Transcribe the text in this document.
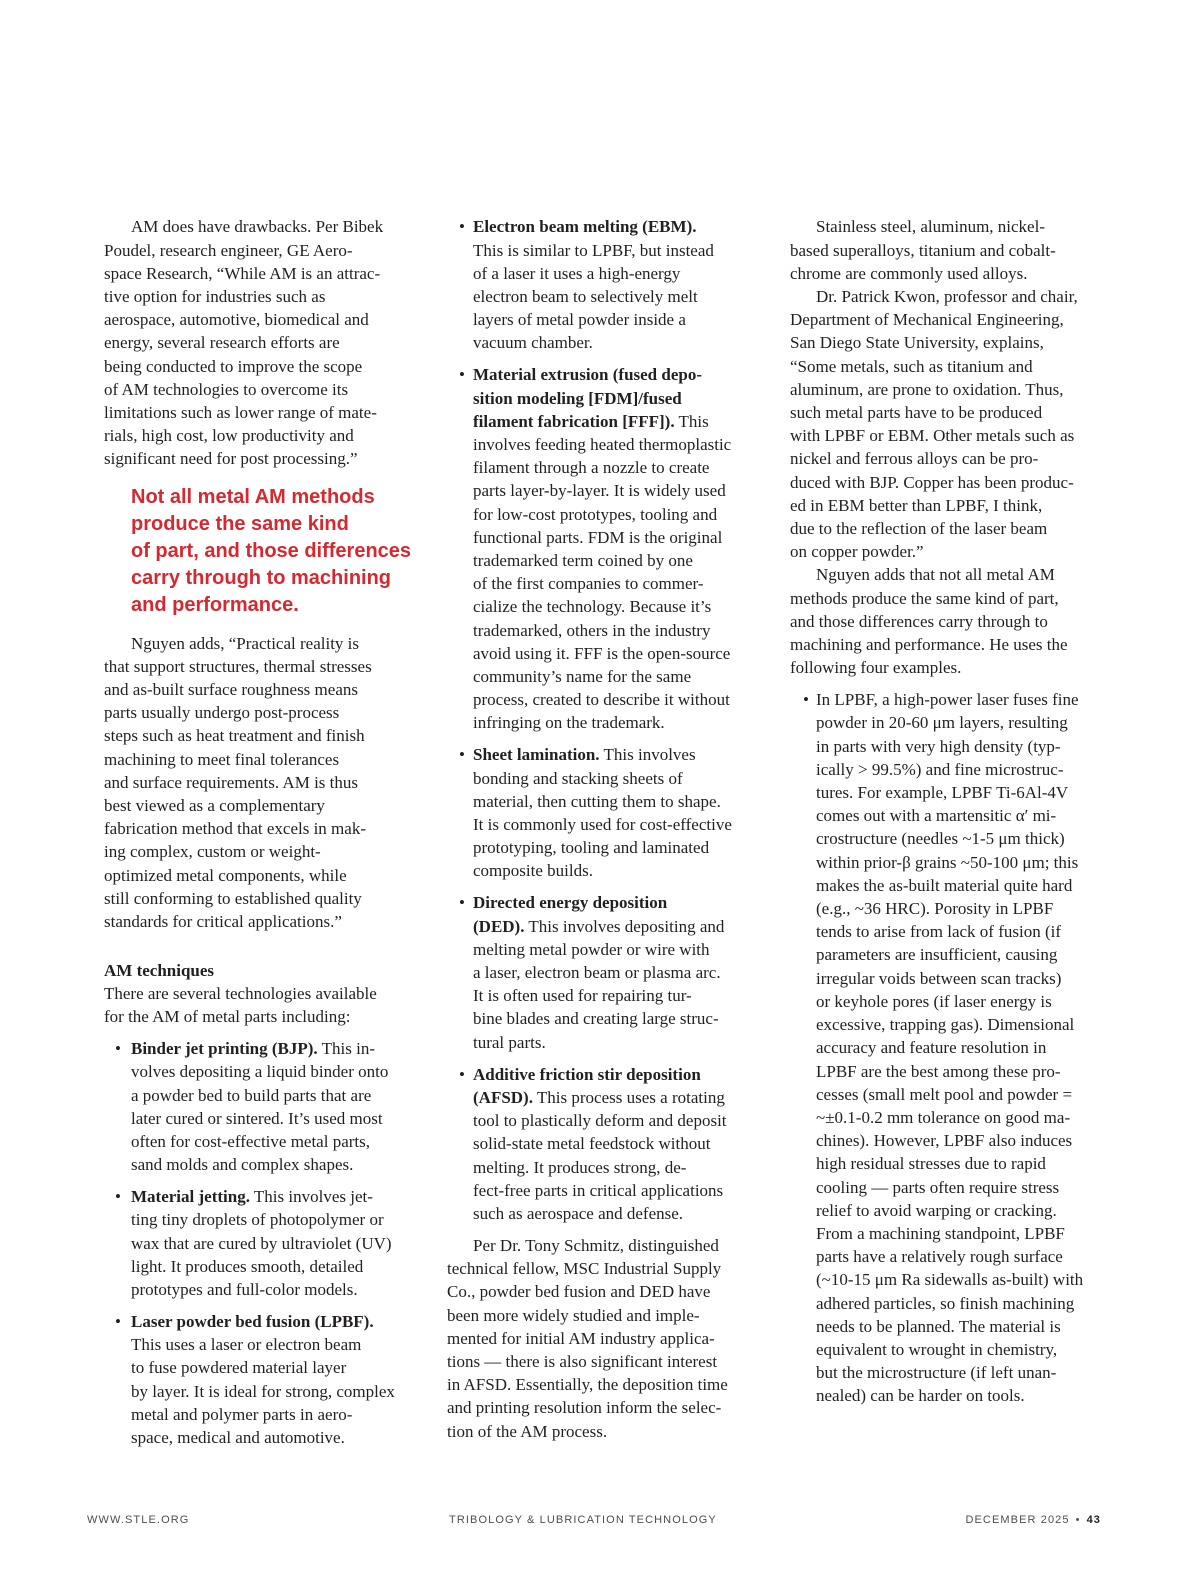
AM does have drawbacks. Per Bibek
Poudel, research engineer, GE Aero-
space Research, “While AM is an attrac-
tive option for industries such as
aerospace, automotive, biomedical and
energy, several research efforts are
being conducted to improve the scope
of AM technologies to overcome its
limitations such as lower range of mate-
rials, high cost, low productivity and
significant need for post processing.”

Not all metal AM methods
produce the same kind
of part, and those differences
carry through to machining
and performance.

Nguyen adds, “Practical reality is
that support structures, thermal stresses
and as-built surface roughness means
parts usually undergo post-process
steps such as heat treatment and finish
machining to meet final tolerances
and surface requirements. AM is thus
best viewed as a complementary
fabrication method that excels in mak-
ing complex, custom or weight-
optimized metal components, while
still conforming to established quality
standards for critical applications.”

AM techniques

There are several technologies available
for the AM of metal parts including:

• Binder jet printing (BJP). This in-
volves depositing a liquid binder onto
a powder bed to build parts that are
later cured or sintered. It’s used most
often for cost-effective metal parts,
sand molds and complex shapes.
• Material jetting. This involves jet-
ting tiny droplets of photopolymer or
wax that are cured by ultraviolet (UV)
light. It produces smooth, detailed
prototypes and full-color models.
• Laser powder bed fusion (LPBF).
This uses a laser or electron beam
to fuse powdered material layer
by layer. It is ideal for strong, complex
metal and polymer parts in aero-
space, medical and automotive.
• Electron beam melting (EBM).
This is similar to LPBF, but instead
of a laser it uses a high-energy
electron beam to selectively melt
layers of metal powder inside a
vacuum chamber.
• Material extrusion (fused depo-
sition modeling [FDM]/fused
filament fabrication [FFF]). This
involves feeding heated thermoplastic
filament through a nozzle to create
parts layer-by-layer. It is widely used
for low-cost prototypes, tooling and
functional parts. FDM is the original
trademarked term coined by one
of the first companies to commer-
cialize the technology. Because it’s
trademarked, others in the industry
avoid using it. FFF is the open-source
community’s name for the same
process, created to describe it without
infringing on the trademark.
• Sheet lamination. This involves
bonding and stacking sheets of
material, then cutting them to shape.
It is commonly used for cost-effective
prototyping, tooling and laminated
composite builds.
• Directed energy deposition
(DED). This involves depositing and
melting metal powder or wire with
a laser, electron beam or plasma arc.
It is often used for repairing tur-
bine blades and creating large struc-
tural parts.
• Additive friction stir deposition
(AFSD). This process uses a rotating
tool to plastically deform and deposit
solid-state metal feedstock without
melting. It produces strong, de-
fect-free parts in critical applications
such as aerospace and defense.

Per Dr. Tony Schmitz, distinguished
technical fellow, MSC Industrial Supply
Co., powder bed fusion and DED have
been more widely studied and imple-
mented for initial AM industry applica-
tions — there is also significant interest
in AFSD. Essentially, the deposition time
and printing resolution inform the selec-
tion of the AM process.

Stainless steel, aluminum, nickel-
based superalloys, titanium and cobalt-
chrome are commonly used alloys.

Dr. Patrick Kwon, professor and chair,
Department of Mechanical Engineering,
San Diego State University, explains,
“Some metals, such as titanium and
aluminum, are prone to oxidation. Thus,
such metal parts have to be produced
with LPBF or EBM. Other metals such as
nickel and ferrous alloys can be pro-
duced with BJP. Copper has been produc-
ed in EBM better than LPBF, I think,
due to the reflection of the laser beam
on copper powder.”

Nguyen adds that not all metal AM
methods produce the same kind of part,
and those differences carry through to
machining and performance. He uses the
following four examples.

• In LPBF, a high-power laser fuses fine
powder in 20-60 μm layers, resulting
in parts with very high density (typ-
ically > 99.5%) and fine microstruc-
tures. For example, LPBF Ti-6Al-4V
comes out with a martensitic α′ mi-
crostructure (needles ~1-5 μm thick)
within prior-β grains ~50-100 μm; this
makes the as-built material quite hard
(e.g., ~36 HRC). Porosity in LPBF
tends to arise from lack of fusion (if
parameters are insufficient, causing
irregular voids between scan tracks)
or keyhole pores (if laser energy is
excessive, trapping gas). Dimensional
accuracy and feature resolution in
LPBF are the best among these pro-
cesses (small melt pool and powder =
~±0.1-0.2 mm tolerance on good ma-
chines). However, LPBF also induces
high residual stresses due to rapid
cooling — parts often require stress
relief to avoid warping or cracking.
From a machining standpoint, LPBF
parts have a relatively rough surface
(~10-15 μm Ra sidewalls as-built) with
adhered particles, so finish machining
needs to be planned. The material is
equivalent to wrought in chemistry,
but the microstructure (if left unan-
nealed) can be harder on tools.
WWW.STLE.ORG	TRIBOLOGY & LUBRICATION TECHNOLOGY	DECEMBER 2025 • 43
